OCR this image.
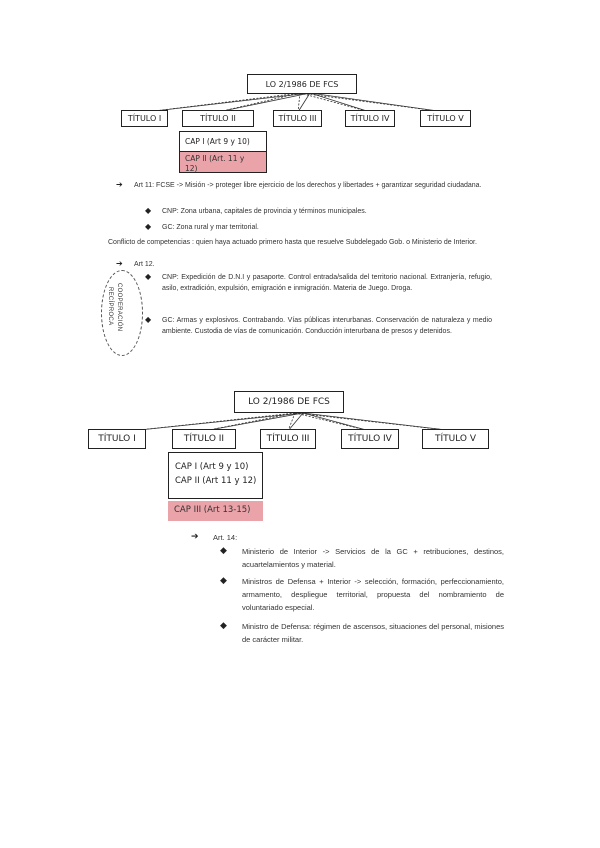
LO 2/1986 DE FCS
TÍTULO I	TÍTULO II	TÍTULO III	TÍTULO IV	TÍTULO V
CAP I (Art 9 y 10)
CAP II (Art. 11 y
12)
➔ Art 11: FCSE -> Misión -> proteger libre ejercicio de los derechos y libertades + garantizar seguridad ciudadana.
◆ CNP: Zona urbana, capitales de provincia y términos municipales.
◆ GC: Zona rural y mar territorial.
Conflicto de competencias : quien haya actuado primero hasta que resuelve Subdelegado Gob. o Ministerio de Interior.
➔ Art 12.
◆ CNP: Expedición de D.N.I y pasaporte. Control entrada/salida del territorio nacional. Extranjería, refugio, asilo, extradición, expulsión, emigración e inmigración. Materia de Juego. Droga.
◆ GC: Armas y explosivos. Contrabando. Vías públicas interurbanas. Conservación de naturaleza y medio ambiente. Custodia de vías de comunicación. Conducción interurbana de presos y detenidos.
COOPERACIÓN
RECÍPROCA
LO 2/1986 DE FCS
TÍTULO I	TÍTULO II	TÍTULO III	TÍTULO IV	TÍTULO V
CAP I (Art 9 y 10)
CAP II (Art 11 y 12)
CAP III (Art 13-15)
➔ Art. 14:
◆ Ministerio de Interior -> Servicios de la GC + retribuciones, destinos, acuartelamientos y material.
◆ Ministros de Defensa + Interior -> selección, formación, perfeccionamiento, armamento, despliegue territorial, propuesta del nombramiento de voluntariado especial.
◆ Ministro de Defensa: régimen de ascensos, situaciones del personal, misiones de carácter militar.
